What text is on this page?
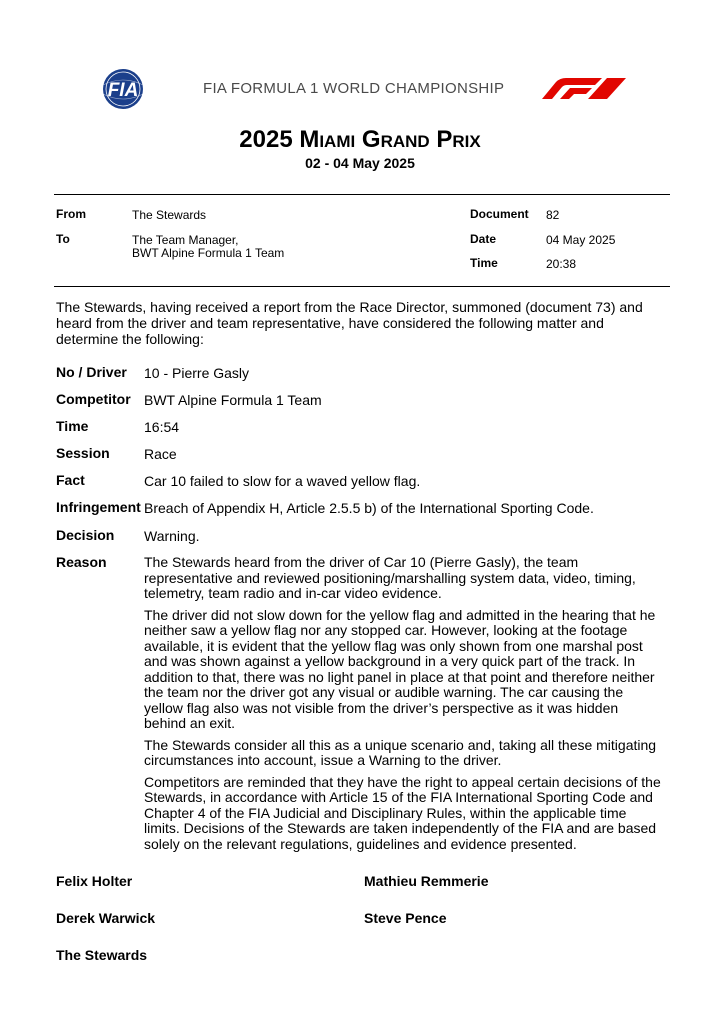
FIA	FIA FORMULA 1 WORLD CHAMPIONSHIP
2025 Miami Grand Prix
02 - 04 May 2025
From	The Stewards
To	The Team Manager,
BWT Alpine Formula 1 Team
Document 82
Date	04 May 2025
Time	20:38
The Stewards, having received a report from the Race Director, summoned (document 73) and heard from the driver and team representative, have considered the following matter and determine the following:
No / Driver 10 - Pierre Gasly
Competitor BWT Alpine Formula 1 Team
Time	16:54
Session Race
Fact	Car 10 failed to slow for a waved yellow flag.
Infringement Breach of Appendix H, Article 2.5.5 b) of the International Sporting Code.
Decision Warning.
Reason	The Stewards heard from the driver of Car 10 (Pierre Gasly), the team representative and reviewed positioning/marshalling system data, video, timing, telemetry, team radio and in-car video evidence.

The driver did not slow down for the yellow flag and admitted in the hearing that he neither saw a yellow flag nor any stopped car. However, looking at the footage available, it is evident that the yellow flag was only shown from one marshal post and was shown against a yellow background in a very quick part of the track. In addition to that, there was no light panel in place at that point and therefore neither the team nor the driver got any visual or audible warning. The car causing the yellow flag also was not visible from the driver’s perspective as it was hidden behind an exit.

The Stewards consider all this as a unique scenario and, taking all these mitigating circumstances into account, issue a Warning to the driver.

Competitors are reminded that they have the right to appeal certain decisions of the Stewards, in accordance with Article 15 of the FIA International Sporting Code and Chapter 4 of the FIA Judicial and Disciplinary Rules, within the applicable time limits. Decisions of the Stewards are taken independently of the FIA and are based solely on the relevant regulations, guidelines and evidence presented.

Felix Holter	Mathieu Remmerie
Derek Warwick	Steve Pence
The Stewards
